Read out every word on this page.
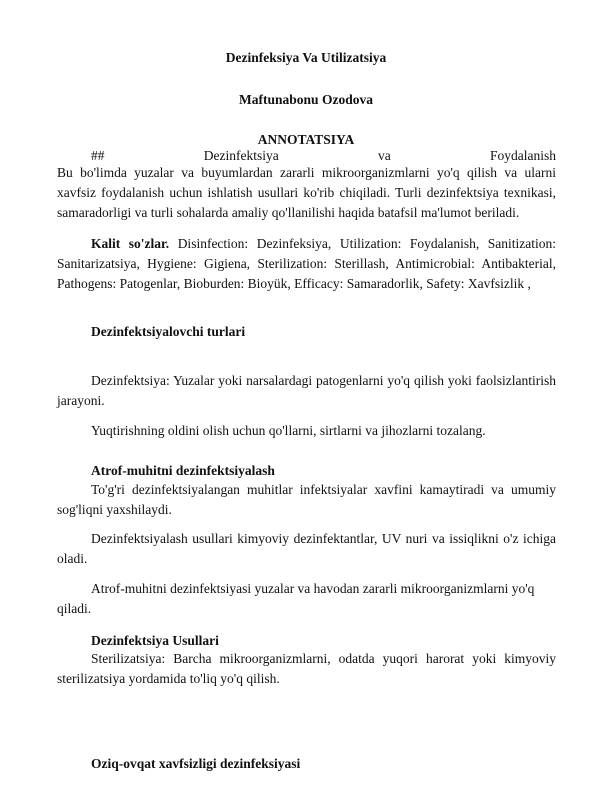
Dezinfeksiya Va Utilizatsiya
Maftunabonu Ozodova
ANNOTATSIYA
##	Dezinfektsiya	va	Foydalanish
Bu bo'limda yuzalar va buyumlardan zararli mikroorganizmlarni yo'q qilish va ularni xavfsiz foydalanish uchun ishlatish usullari ko'rib chiqiladi. Turli dezinfektsiya texnikasi, samaradorligi va turli sohalarda amaliy qo'llanilishi haqida batafsil ma'lumot beriladi.
Kalit so'zlar. Disinfection: Dezinfeksiya, Utilization: Foydalanish, Sanitization: Sanitarizatsiya, Hygiene: Gigiena, Sterilization: Sterillash, Antimicrobial: Antibakterial, Pathogens: Patogenlar, Bioburden: Bioyük, Efficacy: Samaradorlik, Safety: Xavfsizlik ,
Dezinfektsiyalovchi turlari
Dezinfektsiya: Yuzalar yoki narsalardagi patogenlarni yo'q qilish yoki faolsizlantirish jarayoni.
Yuqtirishning oldini olish uchun qo'llarni, sirtlarni va jihozlarni tozalang.
Atrof-muhitni dezinfektsiyalash
To'g'ri dezinfektsiyalangan muhitlar infektsiyalar xavfini kamaytiradi va umumiy sog'liqni yaxshilaydi.
Dezinfektsiyalash usullari kimyoviy dezinfektantlar, UV nuri va issiqlikni o'z ichiga oladi.
Atrof-muhitni dezinfektsiyasi yuzalar va havodan zararli mikroorganizmlarni yo'q qiladi.
Dezinfektsiya Usullari
Sterilizatsiya: Barcha mikroorganizmlarni, odatda yuqori harorat yoki kimyoviy sterilizatsiya yordamida to'liq yo'q qilish.
Oziq-ovqat xavfsizligi dezinfeksiyasi
